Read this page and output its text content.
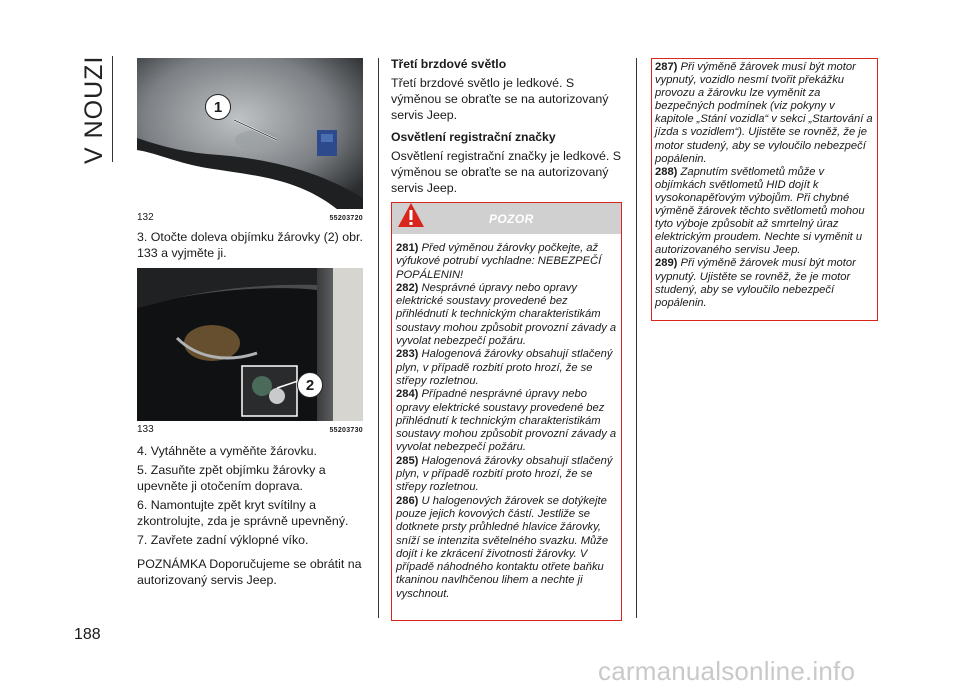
V NOUZI
188
1
132	55203720

3. Otočte doleva objímku žárovky (2) obr. 133 a vyjměte ji.

2
133	55203730

4. Vytáhněte a vyměňte žárovku.

5. Zasuňte zpět objímku žárovky a upevněte ji otočením doprava.

6. Namontujte zpět kryt svítilny a zkontrolujte, zda je správně upevněný.

7. Zavřete zadní výklopné víko.

POZNÁMKA Doporučujeme se obrátit na autorizovaný servis Jeep.

Třetí brzdové světlo

Třetí brzdové světlo je ledkové. S výměnou se obraťte se na autorizovaný servis Jeep.

Osvětlení registrační značky

Osvětlení registrační značky je ledkové. S výměnou se obraťte se na autorizovaný servis Jeep.

POZOR

281) Před výměnou žárovky počkejte, až výfukové potrubí vychladne: NEBEZPEČÍ POPÁLENIN!

282) Nesprávné úpravy nebo opravy elektrické soustavy provedené bez přihlédnutí k technickým charakteristikám soustavy mohou způsobit provozní závady a vyvolat nebezpečí požáru.

283) Halogenová žárovky obsahují stlačený plyn, v případě rozbití proto hrozí, že se střepy rozletnou.

284) Případné nesprávné úpravy nebo opravy elektrické soustavy provedené bez přihlédnutí k technickým charakteristikám soustavy mohou způsobit provozní závady a vyvolat nebezpečí požáru.

285) Halogenová žárovky obsahují stlačený plyn, v případě rozbití proto hrozí, že se střepy rozletnou.

286) U halogenových žárovek se dotýkejte pouze jejich kovových částí. Jestliže se dotknete prsty průhledné hlavice žárovky, sníží se intenzita světelného svazku. Může dojít i ke zkrácení životnosti žárovky. V případě náhodného kontaktu otřete baňku tkaninou navlhčenou lihem a nechte ji vyschnout.

287) Při výměně žárovek musí být motor vypnutý, vozidlo nesmí tvořit překážku provozu a žárovku lze vyměnit za bezpečných podmínek (viz pokyny v kapitole „Stání vozidla“ v sekci „Startování a jízda s vozidlem“). Ujistěte se rovněž, že je motor studený, aby se vyloučilo nebezpečí popálenin.

288) Zapnutím světlometů může v objímkách světlometů HID dojít k vysokonapěťovým výbojům. Při chybné výměně žárovek těchto světlometů mohou tyto výboje způsobit až smrtelný úraz elektrickým proudem. Nechte si vyměnit u autorizovaného servisu Jeep.

289) Při výměně žárovek musí být motor vypnutý. Ujistěte se rovněž, že je motor studený, aby se vyloučilo nebezpečí popálenin.

carmanualsonline.info
